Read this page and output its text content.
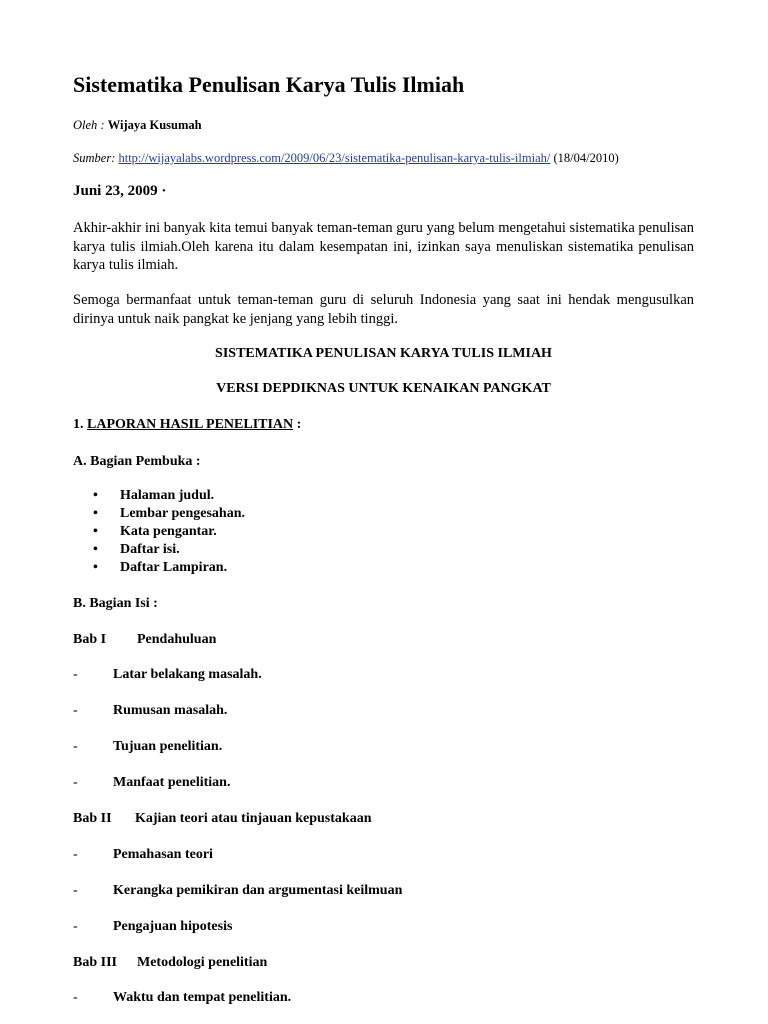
Sistematika Penulisan Karya Tulis Ilmiah
Oleh : Wijaya Kusumah
Sumber: http://wijayalabs.wordpress.com/2009/06/23/sistematika-penulisan-karya-tulis-ilmiah/ (18/04/2010)
Juni 23, 2009 ·
Akhir-akhir ini banyak kita temui banyak teman-teman guru yang belum mengetahui sistematika penulisan karya tulis ilmiah.Oleh karena itu dalam kesempatan ini, izinkan saya menuliskan sistematika penulisan karya tulis ilmiah.
Semoga bermanfaat untuk teman-teman guru di seluruh Indonesia yang saat ini hendak mengusulkan dirinya untuk naik pangkat ke jenjang yang lebih tinggi.
SISTEMATIKA PENULISAN KARYA TULIS ILMIAH
VERSI DEPDIKNAS UNTUK KENAIKAN PANGKAT
1. LAPORAN HASIL PENELITIAN :
A. Bagian Pembuka :
• Halaman judul.
• Lembar pengesahan.
• Kata pengantar.
• Daftar isi.
• Daftar Lampiran.
B. Bagian Isi :
Bab I Pendahuluan
-	Latar belakang masalah.
-	Rumusan masalah.
-	Tujuan penelitian.
-	Manfaat penelitian.
Bab II Kajian teori atau tinjauan kepustakaan
-	Pemahasan teori
-	Kerangka pemikiran dan argumentasi keilmuan
-	Pengajuan hipotesis
Bab III Metodologi penelitian
-	Waktu dan tempat penelitian.
